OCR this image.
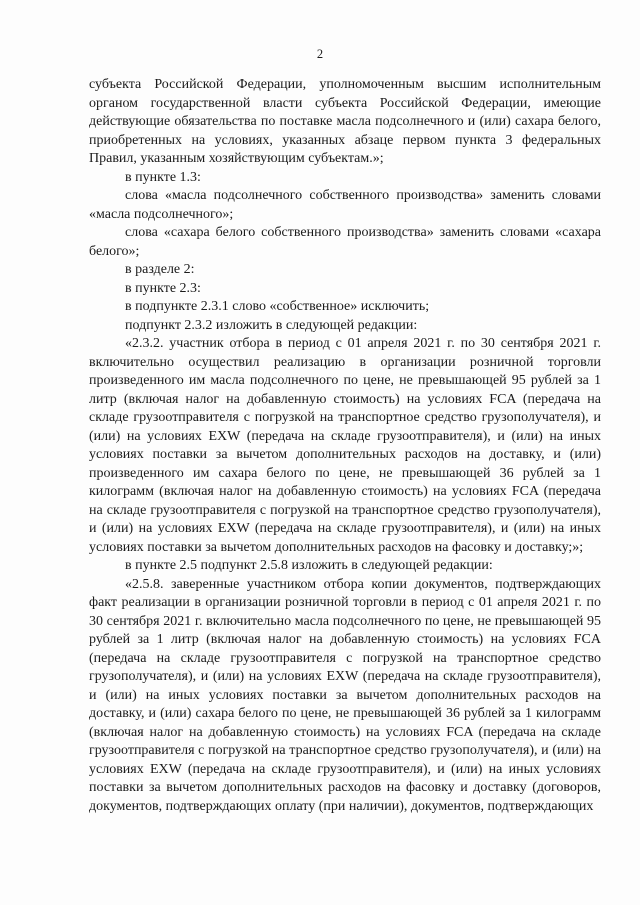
2

субъекта Российской Федерации, уполномоченным высшим исполнительным органом государственной власти субъекта Российской Федерации, имеющие действующие обязательства по поставке масла подсолнечного и (или) сахара белого, приобретенных на условиях, указанных абзаце первом пункта 3 федеральных Правил, указанным хозяйствующим субъектам.»;

в пункте 1.3:

слова «масла подсолнечного собственного производства» заменить словами «масла подсолнечного»;

слова «сахара белого собственного производства» заменить словами «сахара белого»;

в разделе 2:

в пункте 2.3:

в подпункте 2.3.1 слово «собственное» исключить;

подпункт 2.3.2 изложить в следующей редакции:

«2.3.2. участник отбора в период с 01 апреля 2021 г. по 30 сентября 2021 г. включительно осуществил реализацию в организации розничной торговли произведенного им масла подсолнечного по цене, не превышающей 95 рублей за 1 литр (включая налог на добавленную стоимость) на условиях FCA (передача на складе грузоотправителя с погрузкой на транспортное средство грузополучателя), и (или) на условиях EXW (передача на складе грузоотправителя), и (или) на иных условиях поставки за вычетом дополнительных расходов на доставку, и (или) произведенного им сахара белого по цене, не превышающей 36 рублей за 1 килограмм (включая налог на добавленную стоимость) на условиях FCA (передача на складе грузоотправителя с погрузкой на транспортное средство грузополучателя), и (или) на условиях EXW (передача на складе грузоотправителя), и (или) на иных условиях поставки за вычетом дополнительных расходов на фасовку и доставку;»;

в пункте 2.5 подпункт 2.5.8 изложить в следующей редакции:

«2.5.8. заверенные участником отбора копии документов, подтверждающих факт реализации в организации розничной торговли в период с 01 апреля 2021 г. по 30 сентября 2021 г. включительно масла подсолнечного по цене, не превышающей 95 рублей за 1 литр (включая налог на добавленную стоимость) на условиях FCA (передача на складе грузоотправителя с погрузкой на транспортное средство грузополучателя), и (или) на условиях EXW (передача на складе грузоотправителя), и (или) на иных условиях поставки за вычетом дополнительных расходов на доставку, и (или) сахара белого по цене, не превышающей 36 рублей за 1 килограмм (включая налог на добавленную стоимость) на условиях FCA (передача на складе грузоотправителя с погрузкой на транспортное средство грузополучателя), и (или) на условиях EXW (передача на складе грузоотправителя), и (или) на иных условиях поставки за вычетом дополнительных расходов на фасовку и доставку (договоров, документов, подтверждающих оплату (при наличии), документов, подтверждающих
